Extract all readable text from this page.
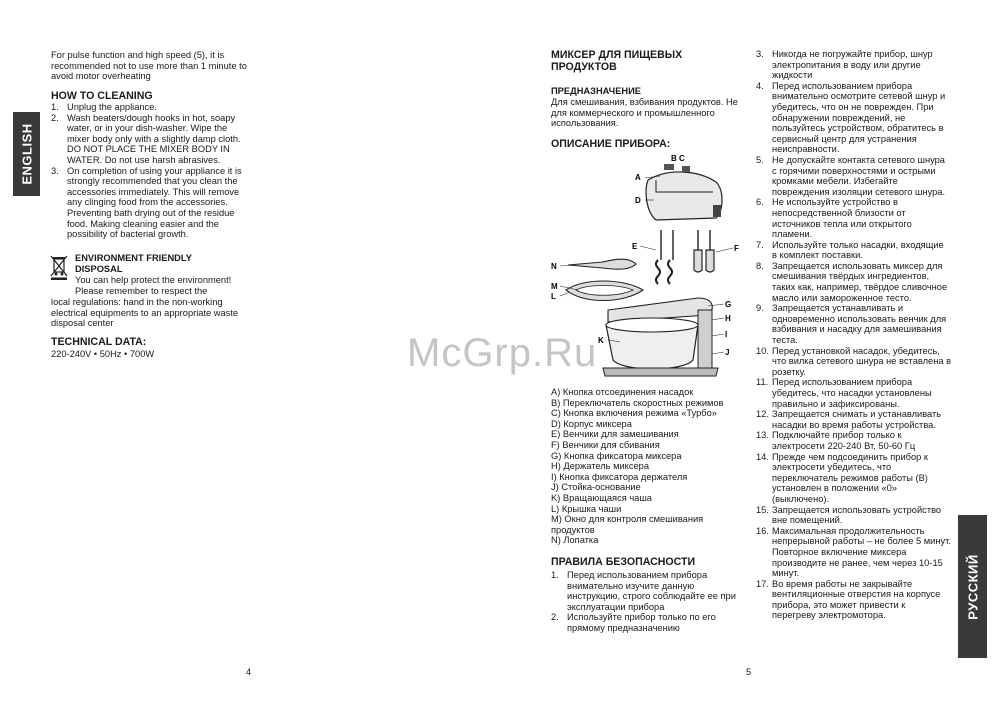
ENGLISH
For pulse function and high speed (5), it is recommended not to use more than 1 minute to avoid motor overheating
HOW TO CLEANING
1. Unplug the appliance.
2. Wash beaters/dough hooks in hot, soapy water, or in your dish-washer. Wipe the mixer body only with a slightly damp cloth. DO NOT PLACE THE MIXER BODY IN WATER. Do not use harsh abrasives.
3. On completion of using your appliance it is strongly recommended that you clean the accessories immediately. This will remove any clinging food from the accessories. Preventing bath drying out of the residue food. Making cleaning easier and the possibility of bacterial growth.
ENVIRONMENT FRIENDLY
DISPOSAL
You can help protect the environment!
Please remember to respect the
local regulations: hand in the non-working electrical equipments to an appropriate waste disposal center
TECHNICAL DATA:
220-240V • 50Hz • 700W
4
МИКСЕР ДЛЯ ПИЩЕВЫХ ПРОДУКТОВ
ПРЕДНАЗНАЧЕНИЕ
Для смешивания, взбивания продуктов. Не для коммерческого и промышленного использования.
ОПИСАНИЕ ПРИБОРА:
A
B C
D
E	F
N
M
L
G
H
I
K
J
A) Кнопка отсоединения насадок
B) Переключатель скоростных режимов
C) Кнопка включения режима «Турбо»
D) Корпус миксера
E) Венчики для замешивания
F) Венчики для сбивания
G) Кнопка фиксатора миксера
H) Держатель миксера
I) Кнопка фиксатора держателя
J) Стойка-основание
K) Вращающаяся чаша
L) Крышка чаши
M) Окно для контроля смешивания
продуктов
N) Лопатка
ПРАВИЛА БЕЗОПАСНОСТИ
1. Перед использованием прибора внимательно изучите данную инструкцию, строго соблюдайте ее при эксплуатации прибора
2. Используйте прибор только по его прямому предназначению
5
McGrp.Ru
3. Никогда не погружайте прибор, шнур электропитания в воду или другие жидкости
4. Перед использованием прибора внимательно осмотрите сетевой шнур и убедитесь, что он не поврежден. При обнаружении повреждений, не пользуйтесь устройством, обратитесь в сервисный центр для устранения неисправности.
5. Не допускайте контакта сетевого шнура с горячими поверхностями и острыми кромками мебели. Избегайте повреждения изоляции сетевого шнура.
6. Не используйте устройство в непосредственной близости от источников тепла или открытого пламени.
7. Используйте только насадки, входящие в комплект поставки.
8. Запрещается использовать миксер для смешивания твёрдых ингредиентов, таких как, например, твёрдое сливочное масло или замороженное тесто.
9. Запрещается устанавливать и одновременно использовать венчик для взбивания и насадку для замешивания теста.
10. Перед установкой насадок, убедитесь, что вилка сетевого шнура не вставлена в розетку.
11. Перед использованием прибора убедитесь, что насадки установлены правильно и зафиксированы.
12. Запрещается снимать и устанавливать насадки во время работы устройства.
13. Подключайте прибор только к электросети 220-240 Вт, 50-60 Гц
14. Прежде чем подсоединить прибор к электросети убедитесь, что переключатель режимов работы (B) установлен в положении «0» (выключено).
15. Запрещается использовать устройство вне помещений.
16. Максимальная продолжительность непрерывной работы – не более 5 минут. Повторное включение миксера производите не ранее, чем через 10-15 минут.
17. Во время работы не закрывайте вентиляционные отверстия на корпусе прибора, это может привести к перегреву электромотора.	РУССКИЙ
